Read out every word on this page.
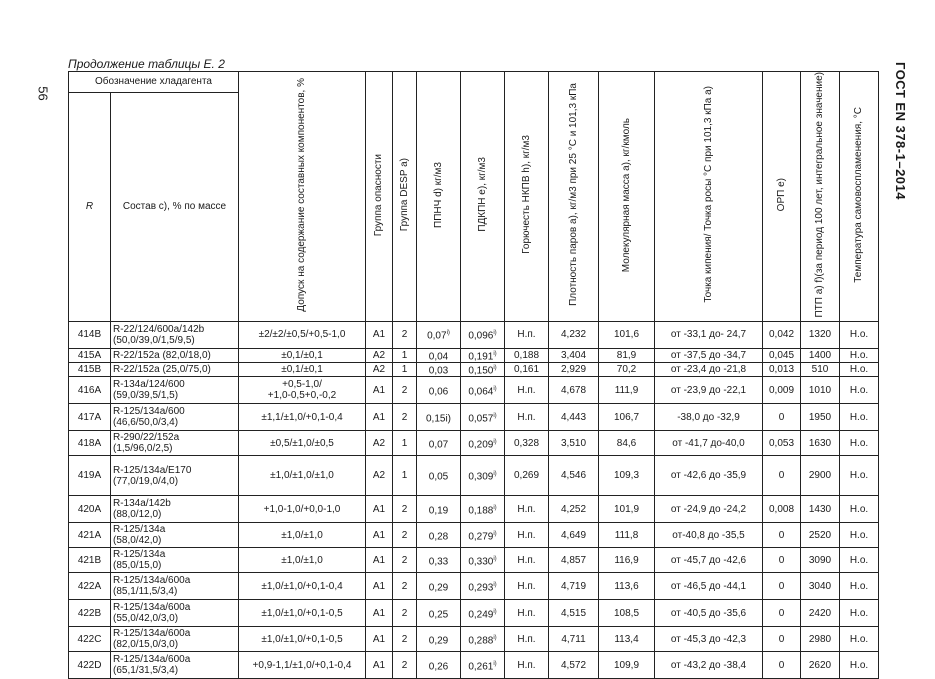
56	ГОСТ EN 378-1–2014
Продолжение таблицы Е. 2
Обозначение хладагента		Допуск на содержание составных компонентов, %	Группа опасности	Группа DESP a)	ППНЧ d) кг/м3	ПДКПН e), кг/м3	Горючесть НКПВ h), кг/м3	Плотность паров a), кг/м3 при 25 °С и 101,3 кПа	Молекулярная масса a), кг/кмоль	Точка кипения/ Точка росы °С при 101,3 кПа a)	ОРП e)	ПТП a) f)(за период 100 лет, интегральное значение)	Температура самовоспламенения, °С
R	Состав с), % по массе												
414B	R-22/124/600a/142b
(50,0/39,0/1,5/9,5)	±2/±2/±0,5/+0,5-1,0	A1	2	0,07$^{i)}$	0,096$^{i)}$	Н.п.	4,232	101,6	от -33,1 до- 24,7	0,042	1320	Н.о.
415A	R-22/152a (82,0/18,0)	±0,1/±0,1	A2	1	0,04	0,191$^{i)}$	0,188	3,404	81,9	от -37,5 до -34,7	0,045	1400	Н.о.
415B	R-22/152a (25,0/75,0)	±0,1/±0,1	A2	1	0,03	0,150$^{i)}$	0,161	2,929	70,2	от -23,4 до -21,8	0,013	510	Н.о.
416A	R-134a/124/600
(59,0/39,5/1,5)	+0,5-1,0/
+1,0-0,5+0,-0,2	A1	2	0,06	0,064$^{i)}$	Н.п.	4,678	111,9	от -23,9 до -22,1	0,009	1010	Н.о.
417A	R-125/134a/600
(46,6/50,0/3,4)	±1,1/±1,0/+0,1-0,4	A1	2	0,15i)	0,057$^{i)}$	Н.п.	4,443	106,7	-38,0 до -32,9	0	1950	Н.о.
418A	R-290/22/152a
(1,5/96,0/2,5)	±0,5/±1,0/±0,5	A2	1	0,07	0,209$^{i)}$	0,328	3,510	84,6	от -41,7 до-40,0	0,053	1630	Н.о.
419A	R-125/134a/E170
(77,0/19,0/4,0)	±1,0/±1,0/±1,0	A2	1	0,05	0,309$^{i)}$	0,269	4,546	109,3	от -42,6 до -35,9	0	2900	Н.о.
420A	R-134a/142b
(88,0/12,0)	+1,0-1,0/+0,0-1,0	A1	2	0,19	0,188$^{i)}$	Н.п.	4,252	101,9	от -24,9 до -24,2	0,008	1430	Н.о.
421A	R-125/134a
(58,0/42,0)	±1,0/±1,0	A1	2	0,28	0,279$^{i)}$	Н.п.	4,649	111,8	от-40,8 до -35,5	0	2520	Н.о.
421B	R-125/134a
(85,0/15,0)	±1,0/±1,0	A1	2	0,33	0,330$^{i)}$	Н.п.	4,857	116,9	от -45,7 до -42,6	0	3090	Н.о.
422A	R-125/134a/600a
(85,1/11,5/3,4)	±1,0/±1,0/+0,1-0,4	A1	2	0,29	0,293$^{i)}$	Н.п.	4,719	113,6	от -46,5 до -44,1	0	3040	Н.о.
422B	R-125/134a/600a
(55,0/42,0/3,0)	±1,0/±1,0/+0,1-0,5	A1	2	0,25	0,249$^{i)}$	Н.п.	4,515	108,5	от -40,5 до -35,6	0	2420	Н.о.
422C	R-125/134a/600a
(82,0/15,0/3,0)	±1,0/±1,0/+0,1-0,5	A1	2	0,29	0,288$^{i)}$	Н.п.	4,711	113,4	от -45,3 до -42,3	0	2980	Н.о.
422D	R-125/134a/600a
(65,1/31,5/3,4)	+0,9-1,1/±1,0/+0,1-0,4	A1	2	0,26	0,261$^{i)}$	Н.п.	4,572	109,9	от -43,2 до -38,4	0	2620	Н.о.
